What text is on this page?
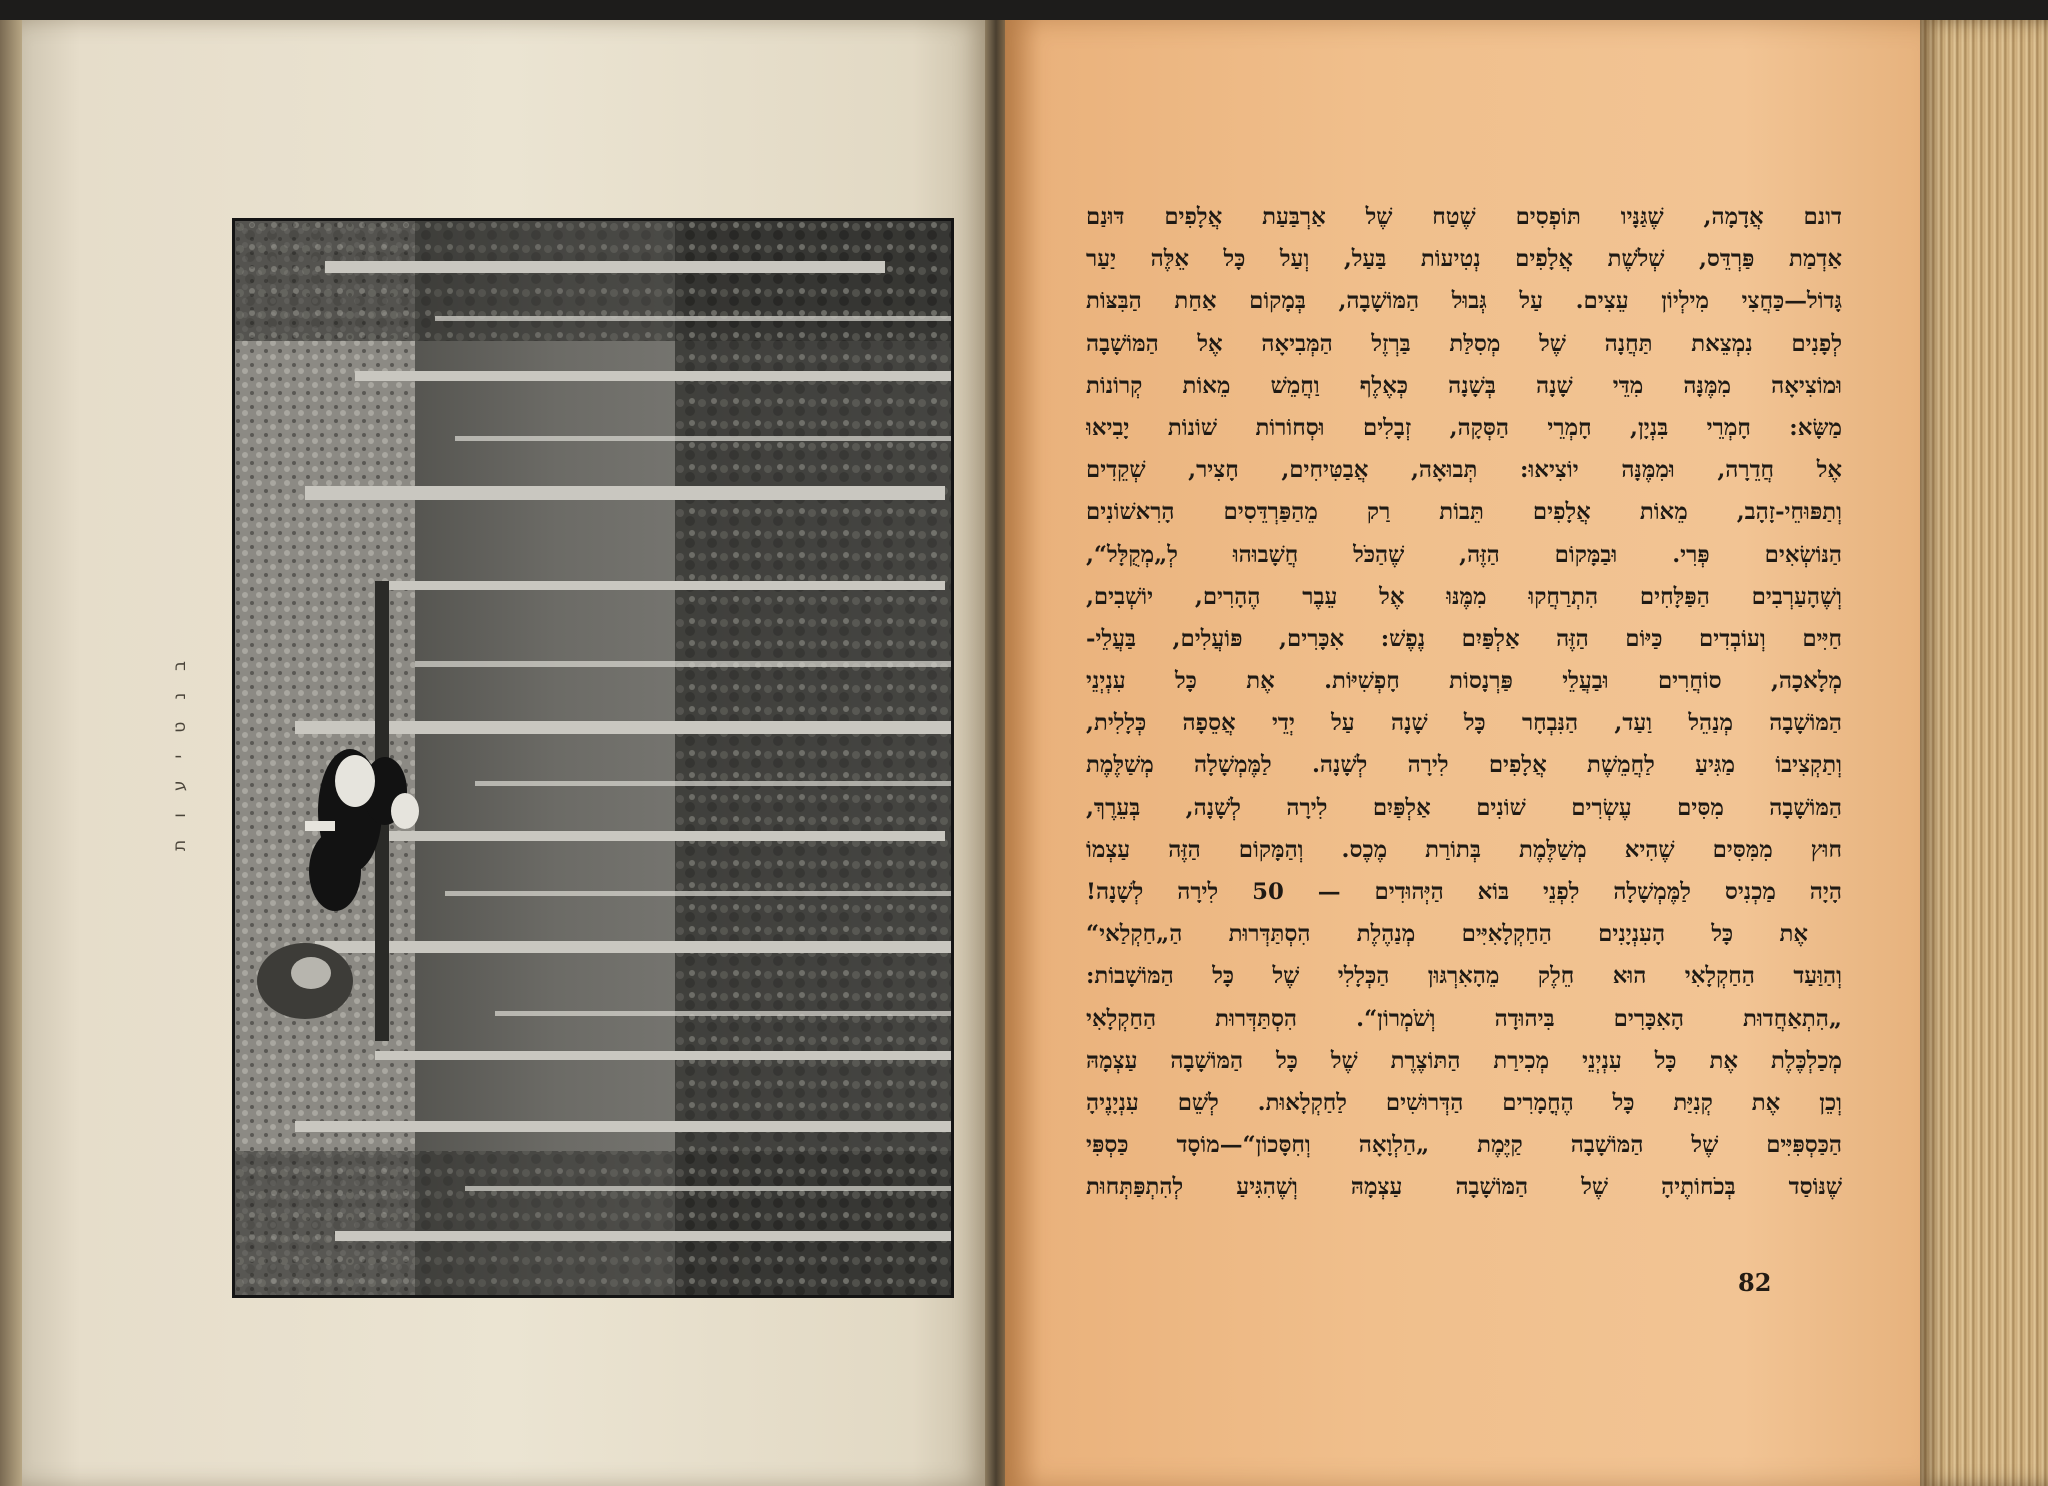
בנטיעות
דונם אֲדָמָה, שֶׁגַּנָּיו תּוֹפְסִים שֶׁטַח שֶׁל אַרְבַּעַת אֲלָפִים דּוּנַם
אַדְמַת פַּרְדֵּס, שְׁלֹשֶׁת אֲלָפִים נְטִיעוֹת בַּעַל, וְעַל כָּל אֵלֶּה יַעַר
גָּדוֹל—כַּחֲצִי מִילְיוֹן עֵצִים. עַל גְּבוּל הַמּוֹשָׁבָה, בְּמָקוֹם אַחַת הַבִּצּוֹת
לְפָנִים נִמְצֵאת תַּחֲנָה שֶׁל מְסִלַּת בַּרְזֶל הַמְּבִיאָה אֶל הַמּוֹשָׁבָה
וּמוֹצִיאָה מִמֶּנָּה מִדֵּי שָׁנָה בְּשָׁנָה כְּאֶלֶף וַחֲמֵשׁ מֵאוֹת קְרוֹנוֹת
מַשָּׂא: חָמְרֵי בִּנְיָן, חָמְרֵי הַסְּקָה, זְבָלִים וּסְחוֹרוֹת שׁוֹנוֹת יָבִיאוּ
אֶל חֲדֵרָה, וּמִמֶּנָּה יוֹצִיאוּ: תְּבוּאָה, אֲבַטִּיחִים, חָצִיר, שְׁקֵדִים
וְתַפּוּחֵי-זָהָב, מֵאוֹת אֲלָפִים תֵּבוֹת רַק מֵהַפַּרְדֵּסִים הָרִאשׁוֹנִים
הַנּוֹשְׂאִים פְּרִי. וּבַמָּקוֹם הַזֶּה, שֶׁהַכֹּל חֲשָׁבוּהוּ לְ„מְקֻלָּל“,
וְשֶׁהָעַרְבִים הַפַּלָּחִים הִתְרַחֲקוּ מִמֶּנּוּ אֶל עֵבֶר הֶהָרִים, יוֹשְׁבִים,
חַיִּים וְעוֹבְדִים כַּיּוֹם הַזֶּה אַלְפַּיִם נֶפֶשׁ: אִכָּרִים, פּוֹעֲלִים, בַּעֲלֵי-
מְלָאכָה, סוֹחֲרִים וּבַעֲלֵי פַּרְנָסוֹת חָפְשִׁיּוֹת. אֶת כָּל עִנְיְנֵי
הַמּוֹשָׁבָה מְנַהֵל וַעַד, הַנִּבְחָר כָּל שָׁנָה עַל יְדֵי אֲסֵפָה כְּלָלִית,
וְתַקְצִיבוֹ מַגִּיעַ לַחֲמֵשֶׁת אֲלָפִים לִירָה לְשָׁנָה. לַמֶּמְשָׁלָה מְשַׁלֶּמֶת
הַמּוֹשָׁבָה מִסִּים עֶשְׂרִים שׁוֹנִים אַלְפַּיִם לִירָה לְשָׁנָה, בְּעֵרֶךְ,
חוּץ מִמִּסִּים שֶׁהִיא מְשַׁלֶּמֶת בְּתוֹרַת מֶכֶס. וְהַמָּקוֹם הַזֶּה עַצְמוֹ
הָיָה מַכְנִיס לַמֶּמְשָׁלָה לִפְנֵי בּוֹא הַיְּהוּדִים — 50 לִירָה לְשָׁנָה!
אֶת כָּל הָעִנְיָנִים הַחַקְלָאִיִּים מְנַהֶלֶת הִסְתַּדְּרוּת הַ„חַקְלַאי“
וְהַוַּעַד הַחַקְלָאִי הוּא חֵלֶק מֵהָאִרְגּוּן הַכְּלָלִי שֶׁל כָּל הַמּוֹשָׁבוֹת:
„הִתְאַחֲדוּת הָאִכָּרִים בִּיהוּדָה וְשֹׁמְרוֹן“. הִסְתַּדְּרוּת הַחַקְלָאִי
מְכַלְכֶּלֶת אֶת כָּל עִנְיְנֵי מְכִירַת הַתּוֹצֶרֶת שֶׁל כָּל הַמּוֹשָׁבָה עַצְמָהּ
וְכֵן אֶת קְנִיַּת כָּל הֶחֳמָרִים הַדְּרוּשִׁים לַחַקְלָאוּת. לְשֵׁם עִנְיָנֶיהָ
הַכַּסְפִּיִּים שֶׁל הַמּוֹשָׁבָה קַיֶּמֶת „הַלְוָאָה וְחִסָּכוֹן“—מוֹסָד כַּסְפִּי
שֶׁנּוֹסַד בְּכֹחוֹתֶיהָ שֶׁל הַמּוֹשָׁבָה עַצְמָהּ וְשֶׁהִגִּיעַ לְהִתְפַּתְּחוּת
82
